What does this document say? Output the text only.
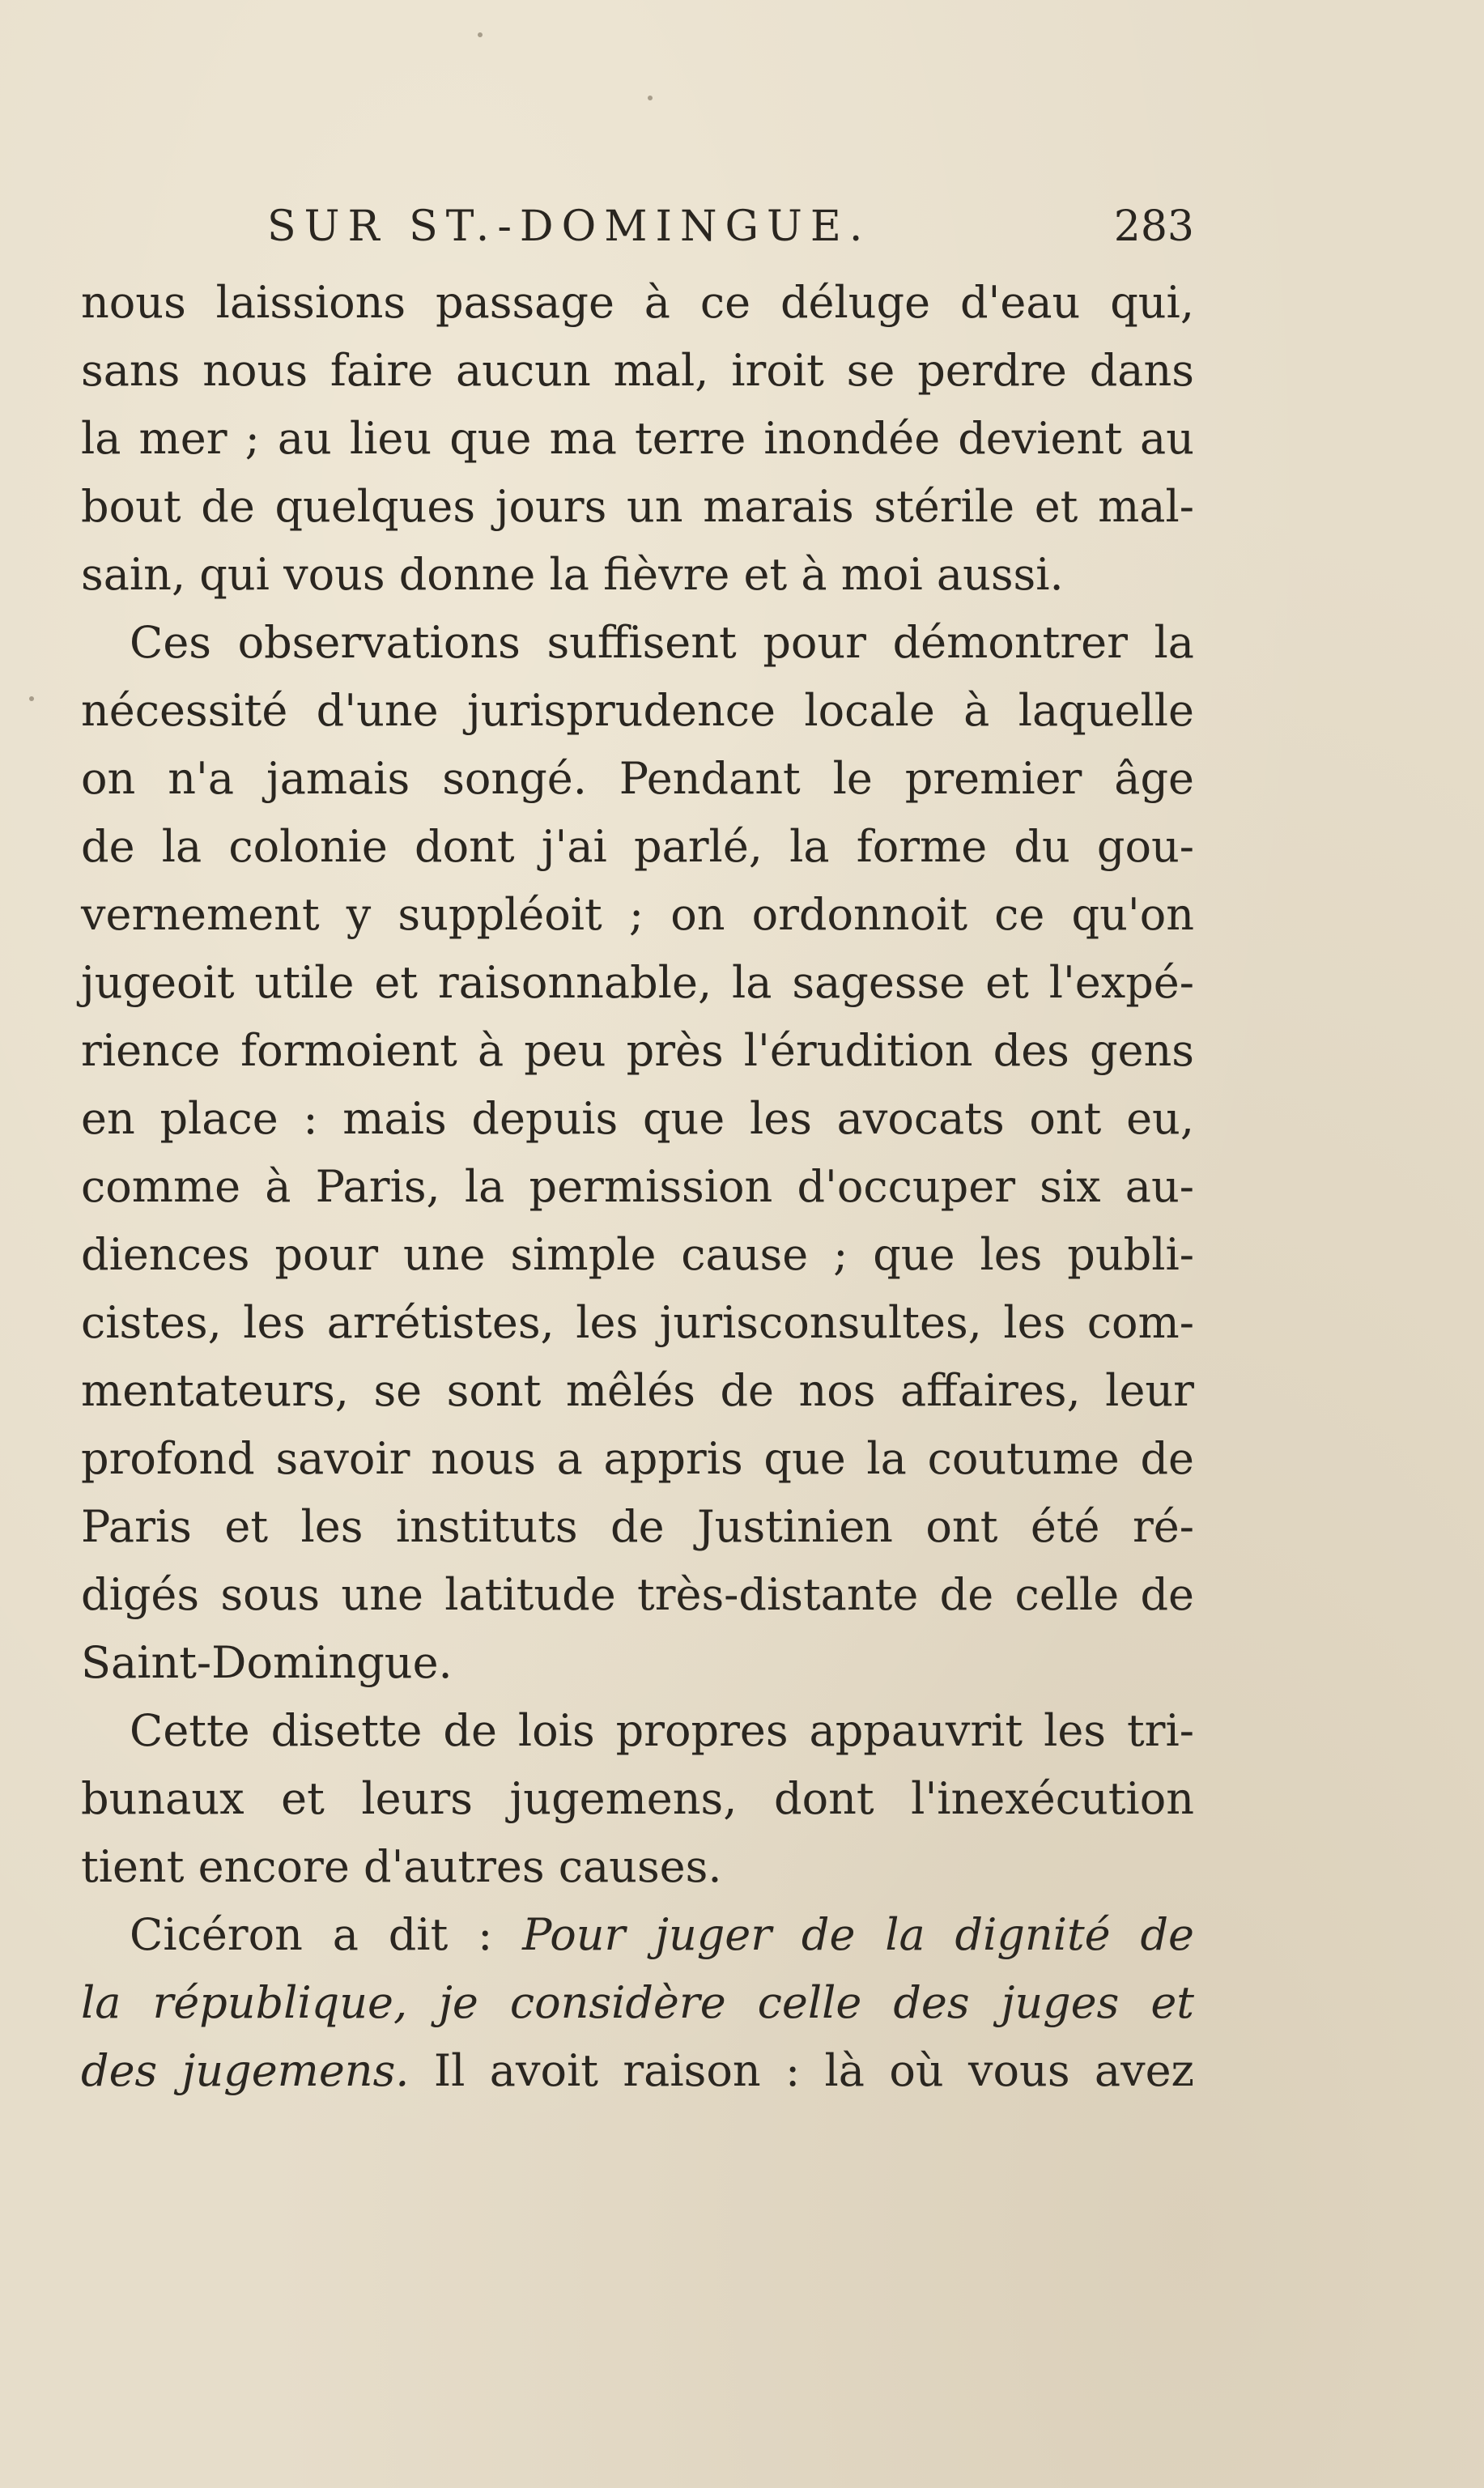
SUR ST.-DOMINGUE.	283
nous laissions passage à ce déluge d'eau qui,
sans nous faire aucun mal, iroit se perdre dans
la mer ; au lieu que ma terre inondée devient au
bout de quelques jours un marais stérile et mal-
sain, qui vous donne la fièvre et à moi aussi.
Ces observations suffisent pour démontrer la
nécessité d'une jurisprudence locale à laquelle
on n'a jamais songé. Pendant le premier âge
de la colonie dont j'ai parlé, la forme du gou-
vernement y suppléoit ; on ordonnoit ce qu'on
jugeoit utile et raisonnable, la sagesse et l'expé-
rience formoient à peu près l'érudition des gens
en place : mais depuis que les avocats ont eu,
comme à Paris, la permission d'occuper six au-
diences pour une simple cause ; que les publi-
cistes, les arrétistes, les jurisconsultes, les com-
mentateurs, se sont mêlés de nos affaires, leur
profond savoir nous a appris que la coutume de
Paris et les instituts de Justinien ont été ré-
digés sous une latitude très-distante de celle de
Saint-Domingue.
Cette disette de lois propres appauvrit les tri-
bunaux et leurs jugemens, dont l'inexécution
tient encore d'autres causes.
Cicéron a dit : Pour juger de la dignité de
la république, je considère celle des juges et
des jugemens. Il avoit raison : là où vous avez
